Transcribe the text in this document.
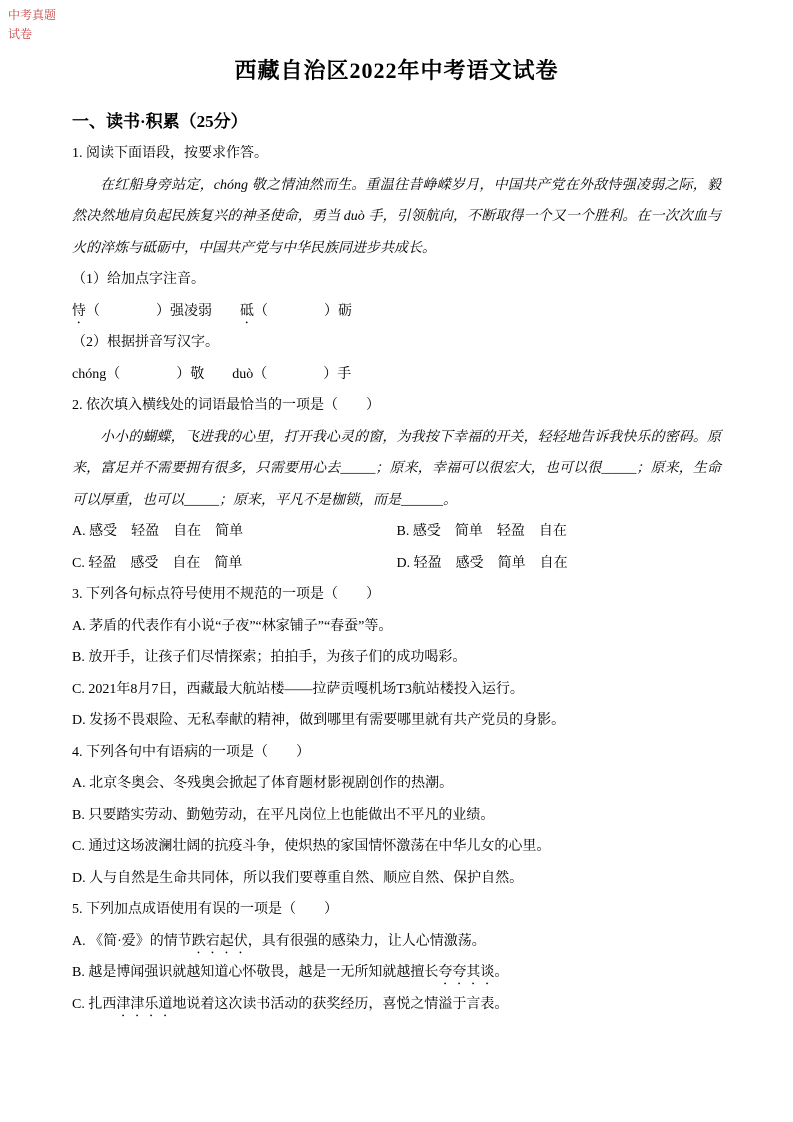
中考真题
试卷
西藏自治区2022年中考语文试卷
一、读书·积累（25分）

1. 阅读下面语段，按要求作答。

在红船身旁站定，chóng 敬之情油然而生。重温往昔峥嵘岁月，中国共产党在外敌恃强凌弱之际，毅然决然地肩负起民族复兴的神圣使命，勇当 duò 手，引领航向，不断取得一个又一个胜利。在一次次血与火的淬炼与砥砺中，中国共产党与中华民族同进步共成长。

（1）给加点字注音。

恃（　　　　）强凌弱　　砥（　　　　）砺

（2）根据拼音写汉字。

chóng（　　　　）敬　　duò（　　　　）手

2. 依次填入横线处的词语最恰当的一项是（　　）

小小的蝴蝶，飞进我的心里，打开我心灵的窗，为我按下幸福的开关，轻轻地告诉我快乐的密码。原来，富足并不需要拥有很多，只需要用心去_____；原来，幸福可以很宏大，也可以很_____；原来，生命可以厚重，也可以_____；原来，平凡不是枷锁，而是______。

A. 感受　轻盈　自在　简单	B. 感受　简单　轻盈　自在

C. 轻盈　感受　自在　简单	D. 轻盈　感受　简单　自在

3. 下列各句标点符号使用不规范的一项是（　　）

A. 茅盾的代表作有小说“子夜”“林家铺子”“春蚕”等。

B. 放开手，让孩子们尽情探索；拍拍手，为孩子们的成功喝彩。

C. 2021年8月7日，西藏最大航站楼——拉萨贡嘎机场T3航站楼投入运行。

D. 发扬不畏艰险、无私奉献的精神，做到哪里有需要哪里就有共产党员的身影。

4. 下列各句中有语病的一项是（　　）

A. 北京冬奥会、冬残奥会掀起了体育题材影视剧创作的热潮。

B. 只要踏实劳动、勤勉劳动，在平凡岗位上也能做出不平凡的业绩。

C. 通过这场波澜壮阔的抗疫斗争，使炽热的家国情怀激荡在中华儿女的心里。

D. 人与自然是生命共同体，所以我们要尊重自然、顺应自然、保护自然。

5. 下列加点成语使用有误的一项是（　　）

A. 《简·爱》的情节跌宕起伏，具有很强的感染力，让人心情激荡。

B. 越是博闻强识就越知道心怀敬畏，越是一无所知就越擅长夸夸其谈。

C. 扎西津津乐道地说着这次读书活动的获奖经历，喜悦之情溢于言表。
